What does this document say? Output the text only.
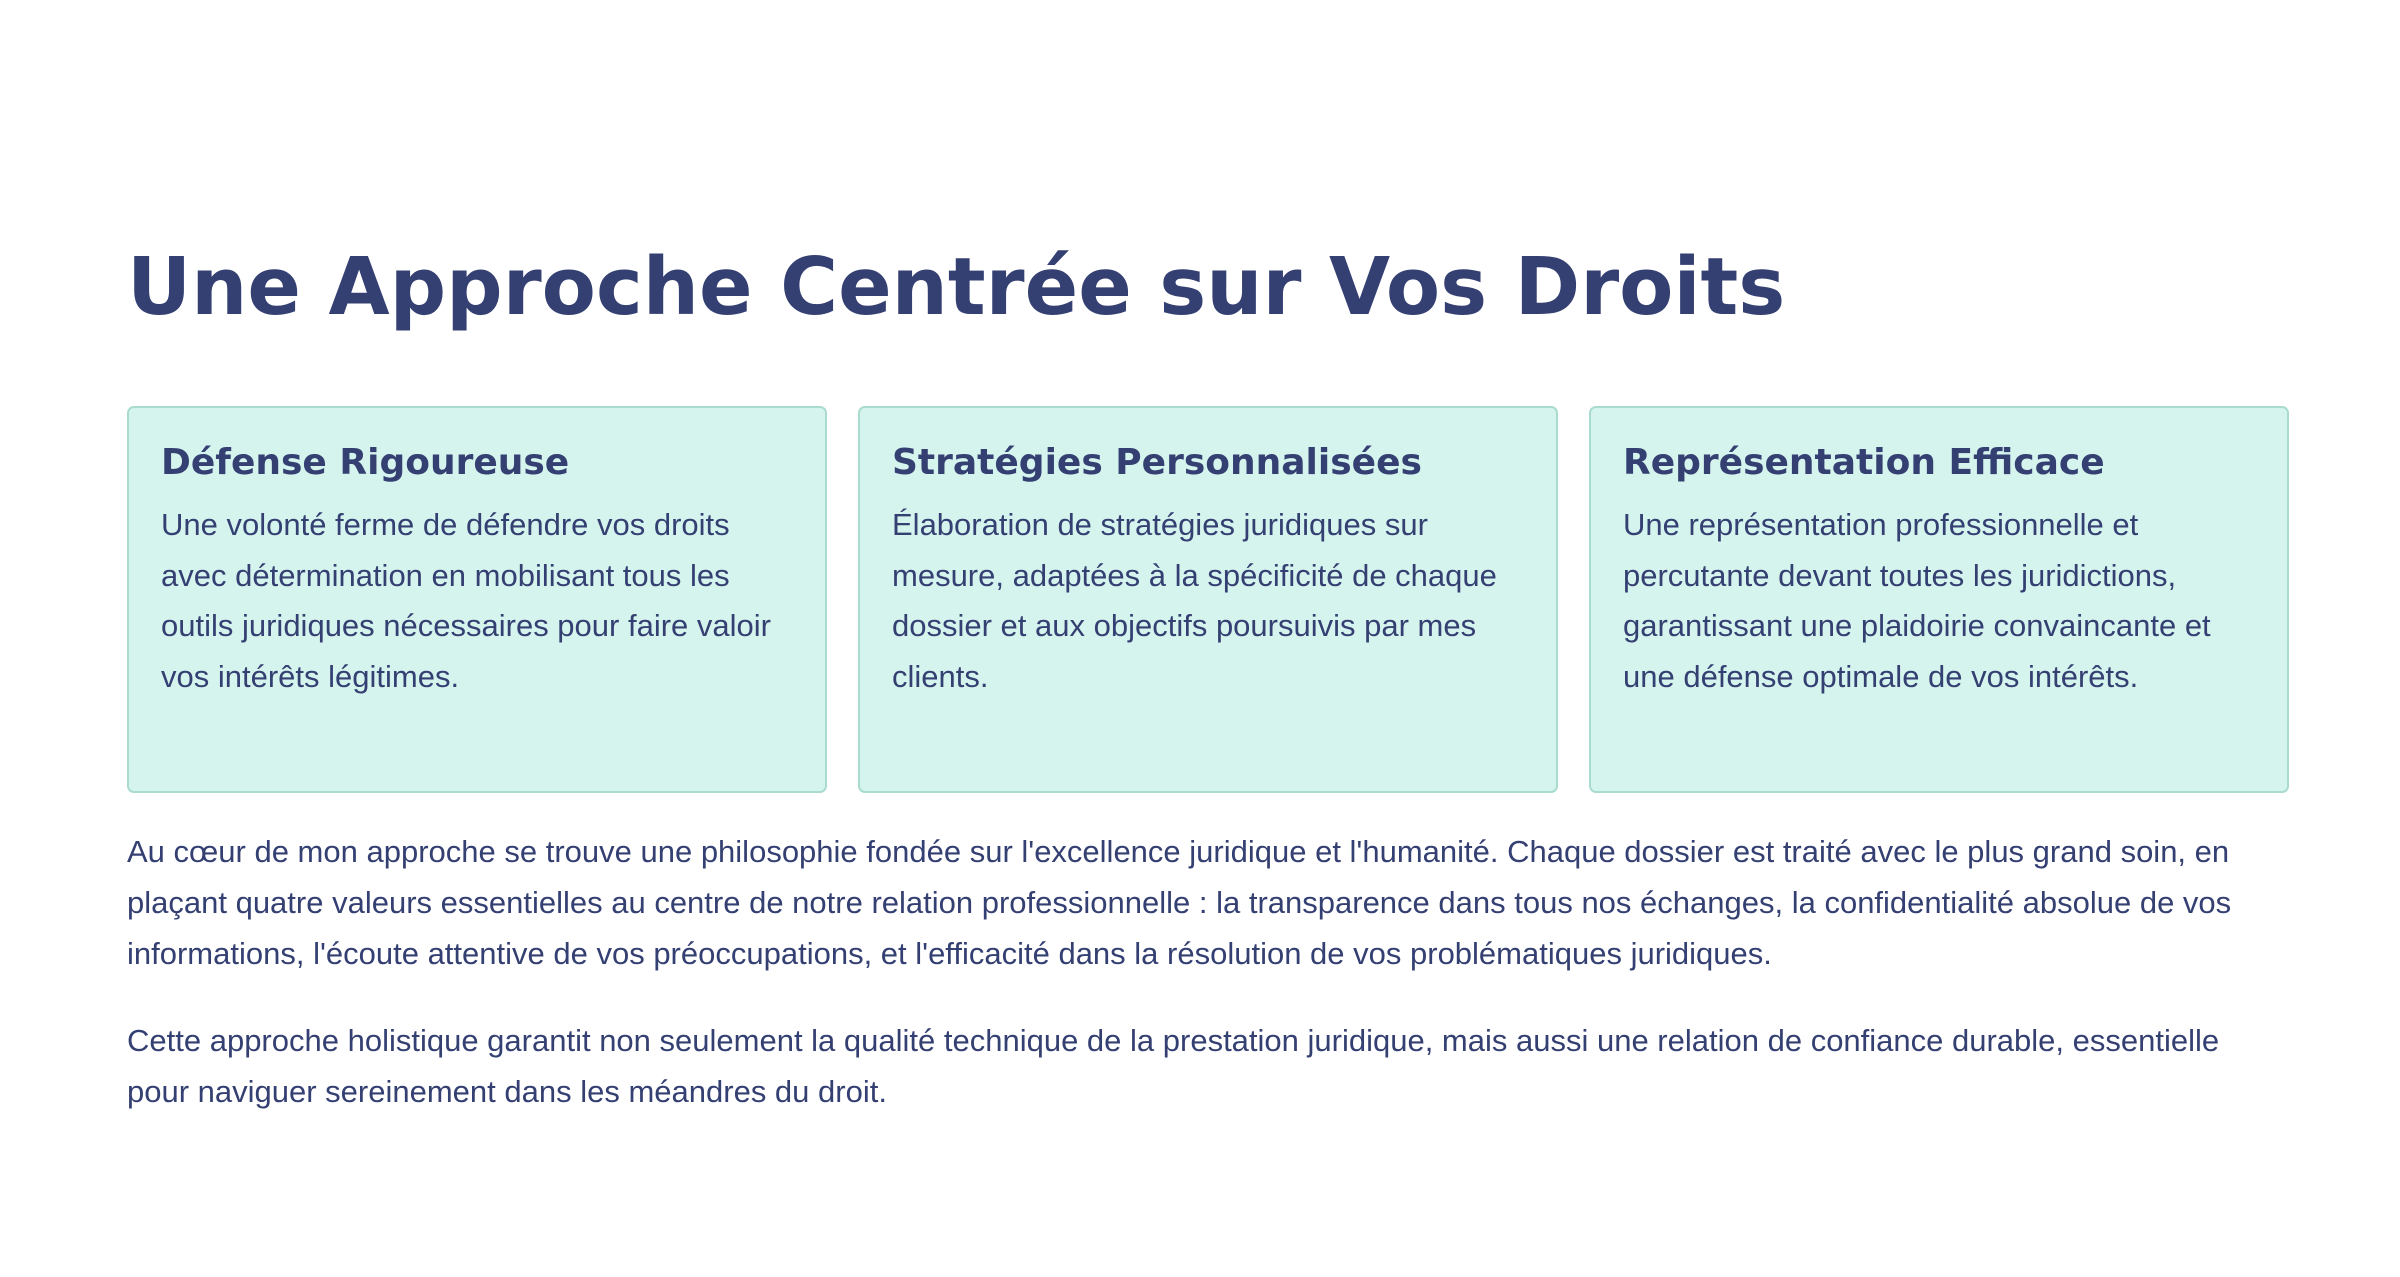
Une Approche Centrée sur Vos Droits
Défense Rigoureuse

Une volonté ferme de défendre vos droits avec détermination en mobilisant tous les outils juridiques nécessaires pour faire valoir vos intérêts légitimes.

Stratégies Personnalisées

Élaboration de stratégies juridiques sur mesure, adaptées à la spécificité de chaque dossier et aux objectifs poursuivis par mes clients.

Représentation Efficace

Une représentation professionnelle et percutante devant toutes les juridictions, garantissant une plaidoirie convaincante et une défense optimale de vos intérêts.

Au cœur de mon approche se trouve une philosophie fondée sur l'excellence juridique et l'humanité. Chaque dossier est traité avec le plus grand soin, en plaçant quatre valeurs essentielles au centre de notre relation professionnelle : la transparence dans tous nos échanges, la confidentialité absolue de vos informations, l'écoute attentive de vos préoccupations, et l'efficacité dans la résolution de vos problématiques juridiques.

Cette approche holistique garantit non seulement la qualité technique de la prestation juridique, mais aussi une relation de confiance durable, essentielle pour naviguer sereinement dans les méandres du droit.
